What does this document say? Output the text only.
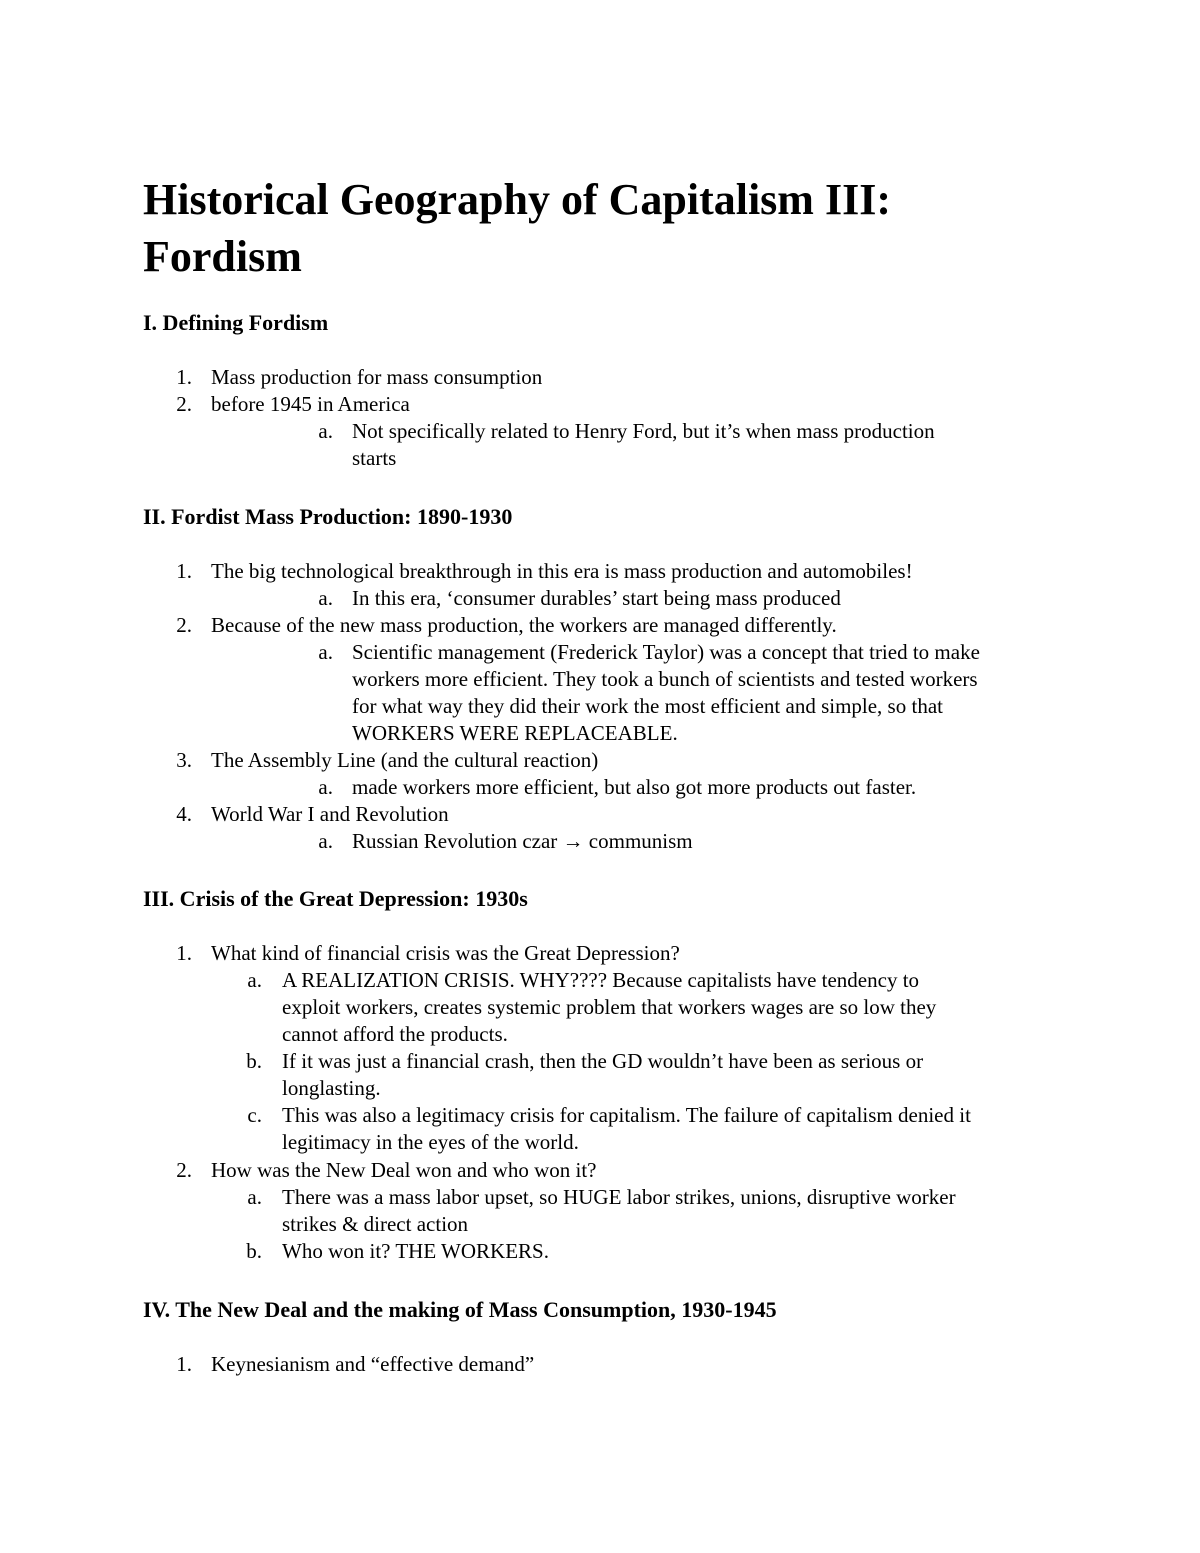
Historical Geography of Capitalism III:
Fordism
I. Defining Fordism
1. Mass production for mass consumption
2. before 1945 in America
a. Not specifically related to Henry Ford, but it’s when mass production
starts
II. Fordist Mass Production: 1890-1930
1. The big technological breakthrough in this era is mass production and automobiles!
a. In this era, ‘consumer durables’ start being mass produced
2. Because of the new mass production, the workers are managed differently.
a. Scientific management (Frederick Taylor) was a concept that tried to make
workers more efficient. They took a bunch of scientists and tested workers
for what way they did their work the most efficient and simple, so that
WORKERS WERE REPLACEABLE.
3. The Assembly Line (and the cultural reaction)
a. made workers more efficient, but also got more products out faster.
4. World War I and Revolution
a. Russian Revolution czar → communism
III. Crisis of the Great Depression: 1930s
1. What kind of financial crisis was the Great Depression?
a. A REALIZATION CRISIS. WHY???? Because capitalists have tendency to
exploit workers, creates systemic problem that workers wages are so low they
cannot afford the products.
b. If it was just a financial crash, then the GD wouldn’t have been as serious or
longlasting.
c. This was also a legitimacy crisis for capitalism. The failure of capitalism denied it
legitimacy in the eyes of the world.
2. How was the New Deal won and who won it?
a. There was a mass labor upset, so HUGE labor strikes, unions, disruptive worker
strikes & direct action
b. Who won it? THE WORKERS.
IV. The New Deal and the making of Mass Consumption, 1930-1945
1. Keynesianism and “effective demand”
